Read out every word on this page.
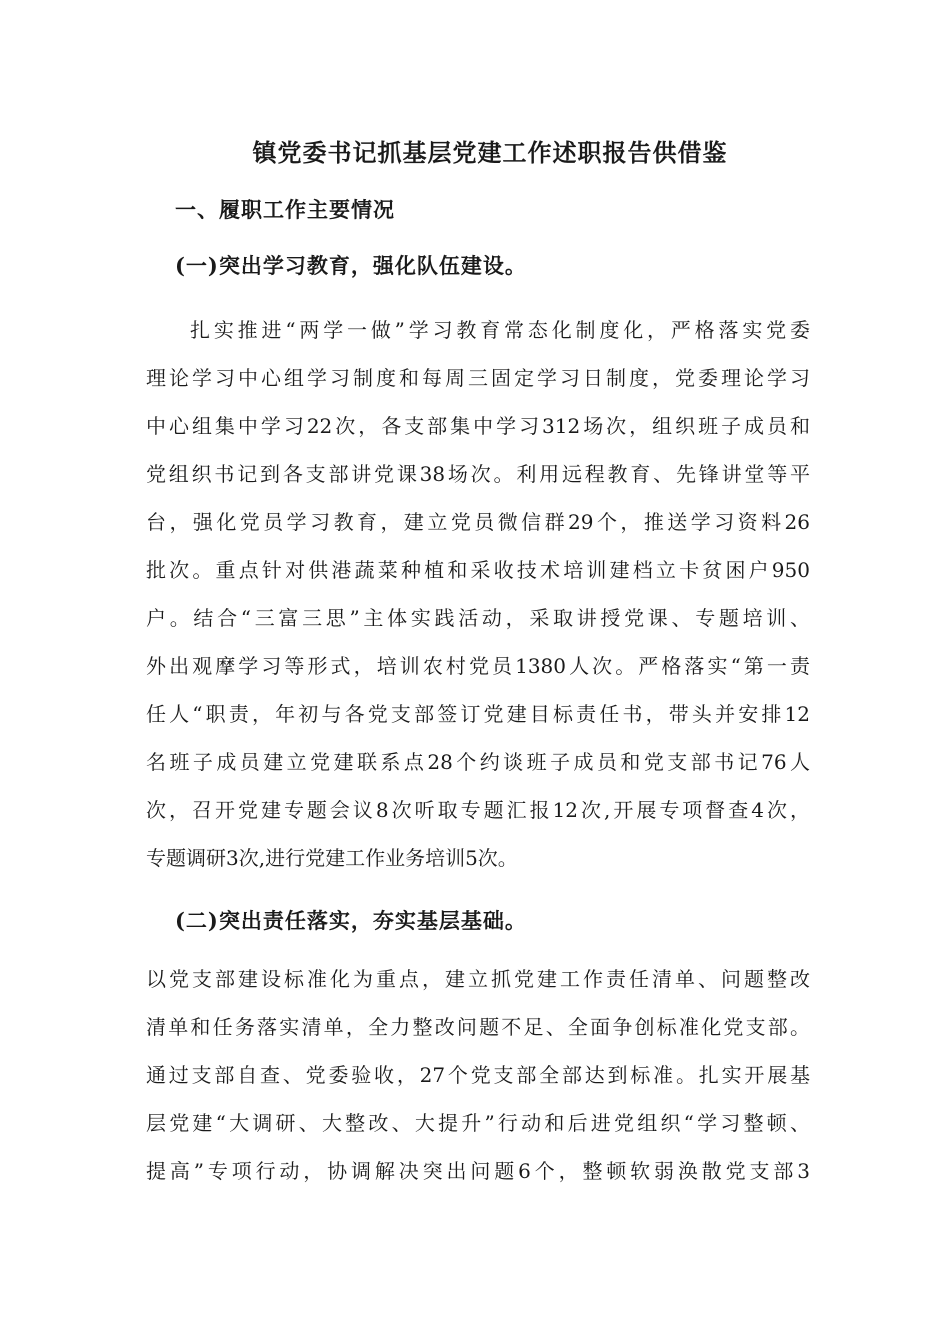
镇党委书记抓基层党建工作述职报告供借鉴
一、履职工作主要情况
(一)突出学习教育，强化队伍建设。
扎实推进“两学一做”学习教育常态化制度化，严格落实党委
理论学习中心组学习制度和每周三固定学习日制度，党委理论学习
中心组集中学习22次，各支部集中学习312场次，组织班子成员和
党组织书记到各支部讲党课38场次。利用远程教育、先锋讲堂等平
台，强化党员学习教育，建立党员微信群29个，推送学习资料26
批次。重点针对供港蔬菜种植和采收技术培训建档立卡贫困户950
户。结合“三富三思”主体实践活动，采取讲授党课、专题培训、
外出观摩学习等形式，培训农村党员1380人次。严格落实“第一责
任人“职责，年初与各党支部签订党建目标责任书，带头并安排12
名班子成员建立党建联系点28个约谈班子成员和党支部书记76人
次，召开党建专题会议8次听取专题汇报12次,开展专项督查4次，
专题调研3次,进行党建工作业务培训5次。
(二)突出责任落实，夯实基层基础。
以党支部建设标准化为重点，建立抓党建工作责任清单、问题整改
清单和任务落实清单，全力整改问题不足、全面争创标准化党支部。
通过支部自查、党委验收，27个党支部全部达到标准。扎实开展基
层党建“大调研、大整改、大提升”行动和后进党组织“学习整顿、
提高”专项行动，协调解决突出问题6个，整顿软弱涣散党支部3
